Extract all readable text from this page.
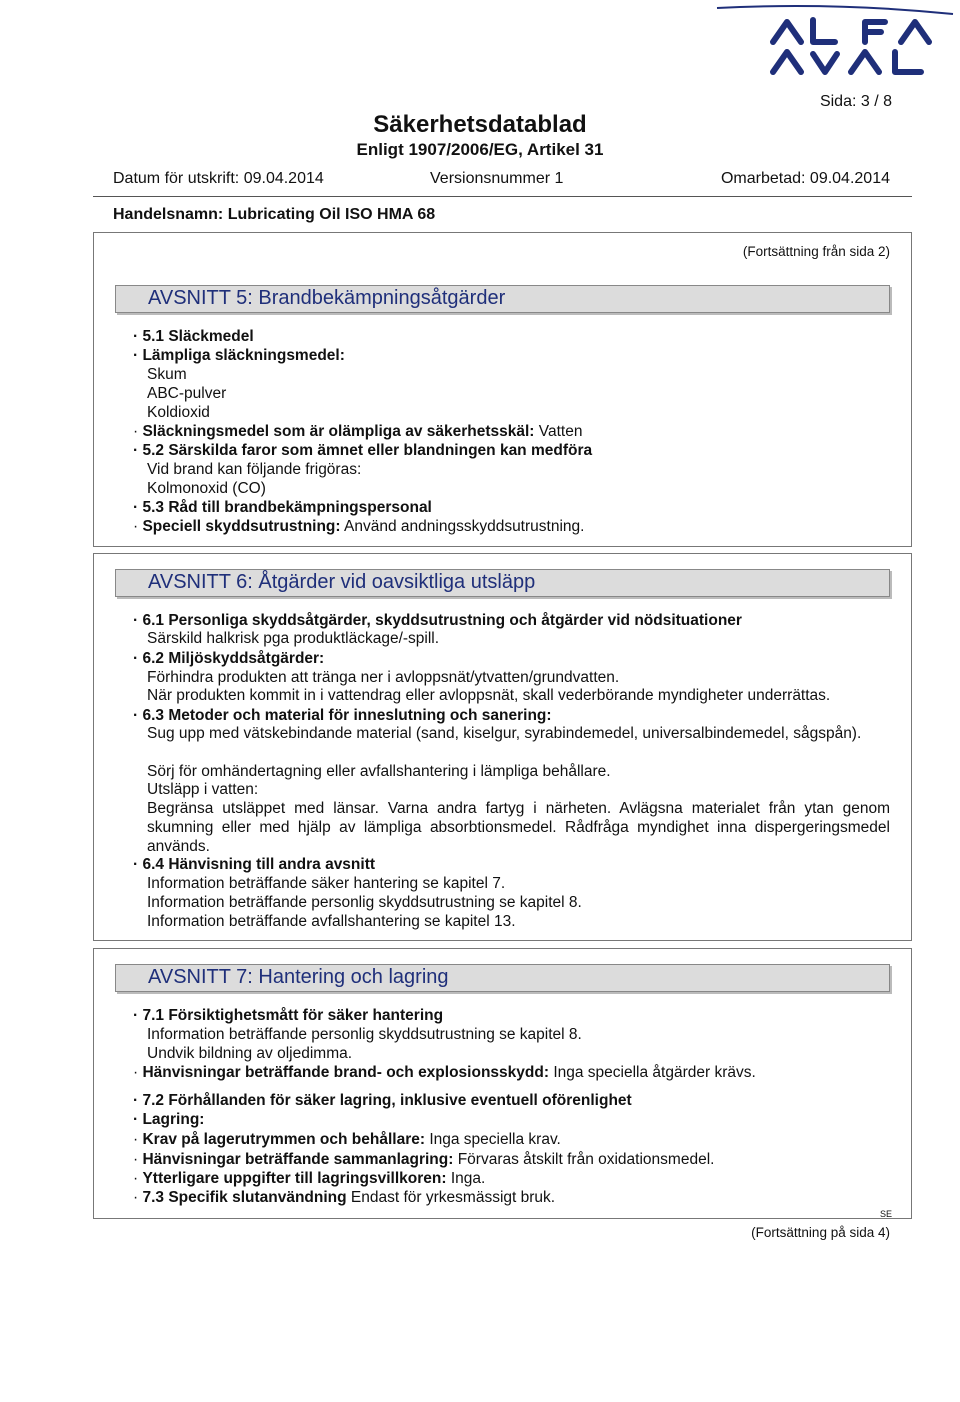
Sida: 3 / 8
Säkerhetsdatablad
Enligt 1907/2006/EG, Artikel 31
Datum för utskrift: 09.04.2014	Versionsnummer 1	Omarbetad: 09.04.2014
Handelsnamn: Lubricating Oil ISO HMA 68
(Fortsättning från sida 2)
AVSNITT 5: Brandbekämpningsåtgärder
· 5.1 Släckmedel
· Lämpliga släckningsmedel:
Skum
ABC-pulver
Koldioxid
· Släckningsmedel som är olämpliga av säkerhetsskäl: Vatten
· 5.2 Särskilda faror som ämnet eller blandningen kan medföra
Vid brand kan följande frigöras:
Kolmonoxid (CO)
· 5.3 Råd till brandbekämpningspersonal
· Speciell skyddsutrustning: Använd andningsskyddsutrustning.
AVSNITT 6: Åtgärder vid oavsiktliga utsläpp
· 6.1 Personliga skyddsåtgärder, skyddsutrustning och åtgärder vid nödsituationer
Särskild halkrisk pga produktläckage/-spill.
· 6.2 Miljöskyddsåtgärder:
Förhindra produkten att tränga ner i avloppsnät/ytvatten/grundvatten.
När produkten kommit in i vattendrag eller avloppsnät, skall vederbörande myndigheter underrättas.
· 6.3 Metoder och material för inneslutning och sanering:
Sug upp med vätskebindande material (sand, kiselgur, syrabindemedel, universalbindemedel, sågspån).
Sörj för omhändertagning eller avfallshantering i lämpliga behållare.
Utsläpp i vatten:
Begränsa utsläppet med länsar. Varna andra fartyg i närheten. Avlägsna materialet från ytan genom skumning eller med hjälp av lämpliga absorbtionsmedel. Rådfråga myndighet inna dispergeringsmedel används.
· 6.4 Hänvisning till andra avsnitt
Information beträffande säker hantering se kapitel 7.
Information beträffande personlig skyddsutrustning se kapitel 8.
Information beträffande avfallshantering se kapitel 13.
AVSNITT 7: Hantering och lagring
· 7.1 Försiktighetsmått för säker hantering
Information beträffande personlig skyddsutrustning se kapitel 8.
Undvik bildning av oljedimma.
· Hänvisningar beträffande brand- och explosionsskydd: Inga speciella åtgärder krävs.
· 7.2 Förhållanden för säker lagring, inklusive eventuell oförenlighet
· Lagring:
· Krav på lagerutrymmen och behållare: Inga speciella krav.
· Hänvisningar beträffande sammanlagring: Förvaras åtskilt från oxidationsmedel.
· Ytterligare uppgifter till lagringsvillkoren: Inga.
· 7.3 Specifik slutanvändning Endast för yrkesmässigt bruk.
SE
(Fortsättning på sida 4)
